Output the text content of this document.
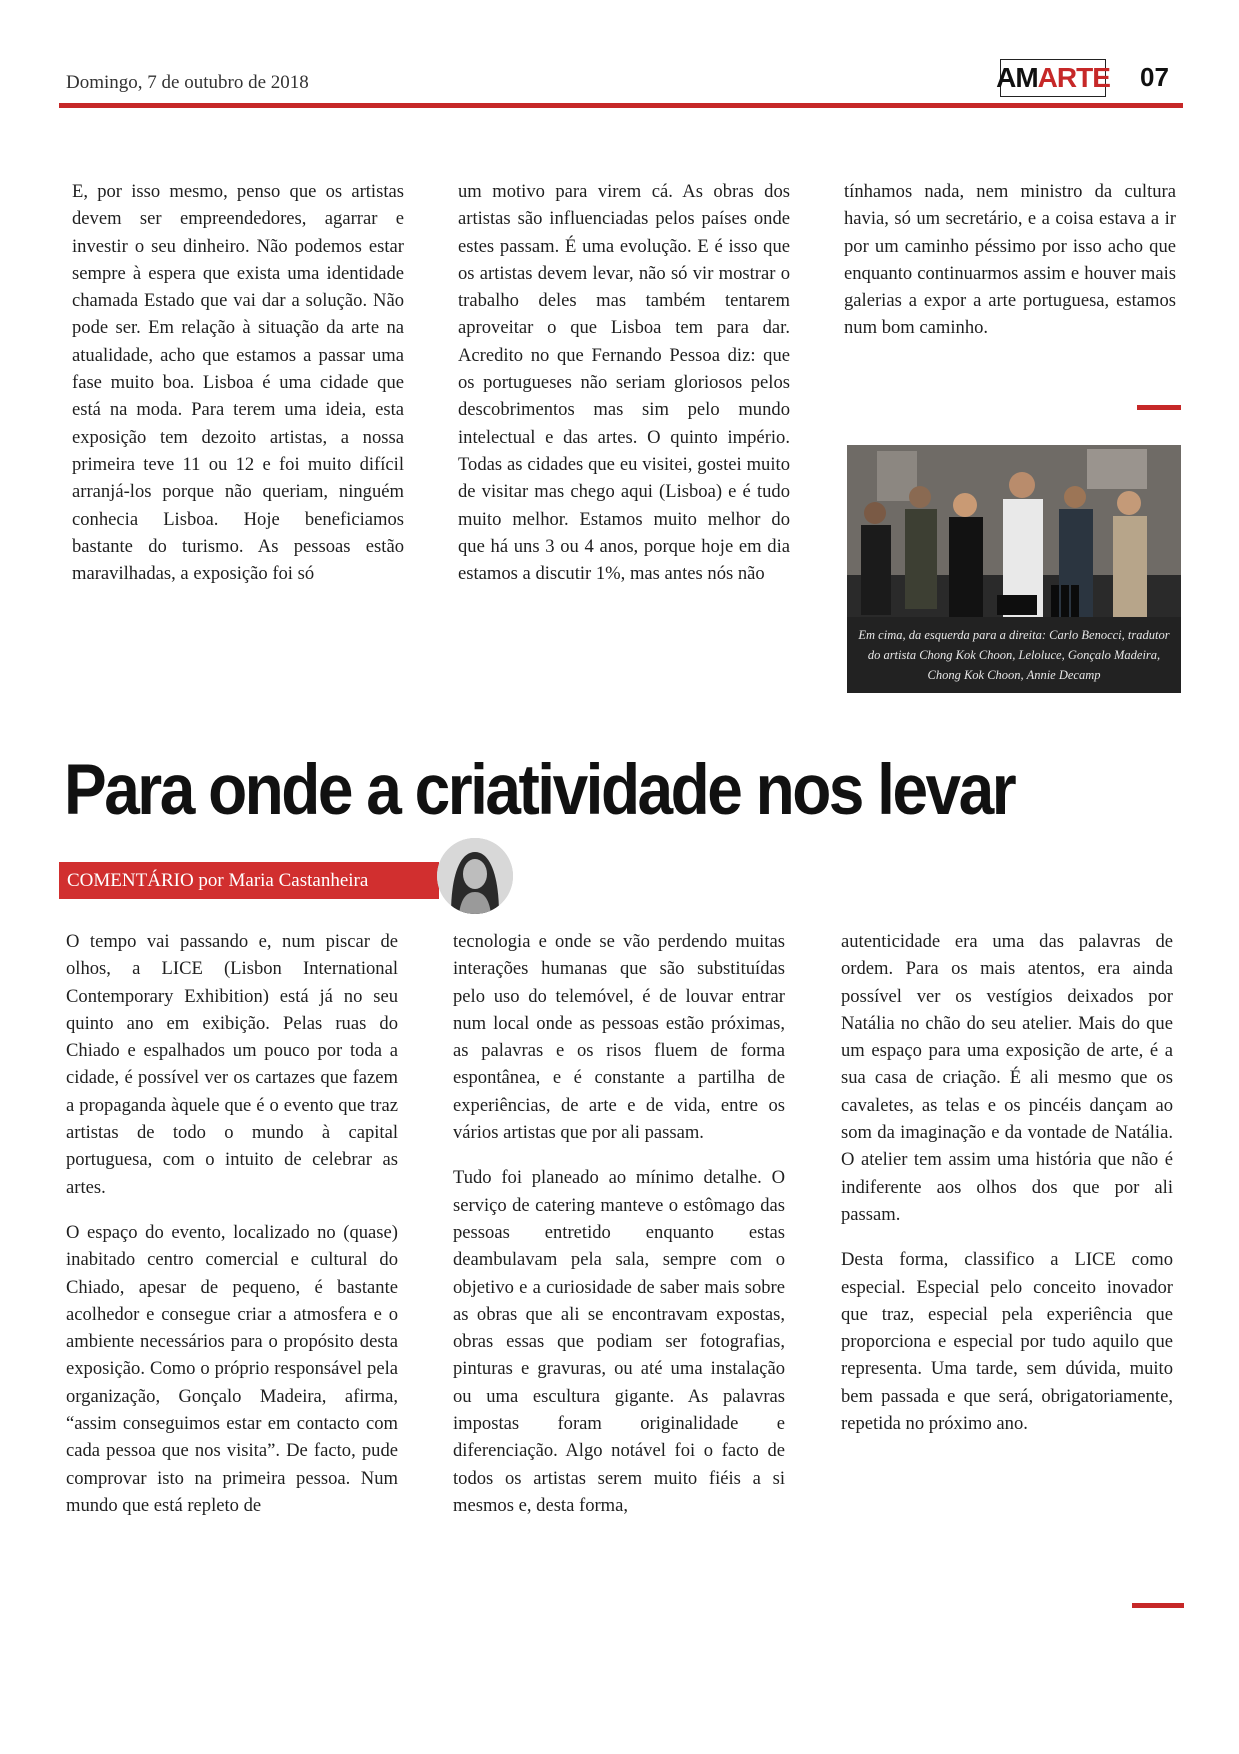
Domingo, 7 de outubro de 2018	AM ARTE 07

E, por isso mesmo, penso que os artistas devem ser empreendedores, agarrar e investir o seu dinheiro. Não podemos estar sempre à espera que exista uma identidade chamada Estado que vai dar a solução. Não pode ser. Em relação à situação da arte na atualidade, acho que estamos a passar uma fase muito boa. Lisboa é uma cidade que está na moda. Para terem uma ideia, esta exposição tem dezoito artistas, a nossa primeira teve 11 ou 12 e foi muito difícil arranjá-los porque não queriam, ninguém conhecia Lisboa. Hoje beneficiamos bastante do turismo. As pessoas estão maravilhadas, a exposição foi só

um motivo para virem cá. As obras dos artistas são influenciadas pelos países onde estes passam. É uma evolução. E é isso que os artistas devem levar, não só vir mostrar o trabalho deles mas também tentarem aproveitar o que Lisboa tem para dar. Acredito no que Fernando Pessoa diz: que os portugueses não seriam gloriosos pelos descobrimentos mas sim pelo mundo intelectual e das artes. O quinto império. Todas as cidades que eu visitei, gostei muito de visitar mas chego aqui (Lisboa) e é tudo muito melhor. Estamos muito melhor do que há uns 3 ou 4 anos, porque hoje em dia estamos a discutir 1%, mas antes nós não

tínhamos nada, nem ministro da cultura havia, só um secretário, e a coisa estava a ir por um caminho péssimo por isso acho que enquanto continuarmos assim e houver mais galerias a expor a arte portuguesa, estamos num bom caminho.

Em cima, da esquerda para a direita: Carlo Benocci, tradutor do artista Chong Kok Choon, Leloluce, Gonçalo Madeira, Chong Kok Choon, Annie Decamp
Para onde a criatividade nos levar
COMENTÁRIO por Maria Castanheira

O tempo vai passando e, num piscar de olhos, a LICE (Lisbon International Contemporary Exhibition) está já no seu quinto ano em exibição. Pelas ruas do Chiado e espalhados um pouco por toda a cidade, é possível ver os cartazes que fazem a propaganda àquele que é o evento que traz artistas de todo o mundo à capital portuguesa, com o intuito de celebrar as artes.

O espaço do evento, localizado no (quase) inabitado centro comercial e cultural do Chiado, apesar de pequeno, é bastante acolhedor e consegue criar a atmosfera e o ambiente necessários para o propósito desta exposição. Como o próprio responsável pela organização, Gonçalo Madeira, afirma, “assim conseguimos estar em contacto com cada pessoa que nos visita”. De facto, pude comprovar isto na primeira pessoa. Num mundo que está repleto de

tecnologia e onde se vão perdendo muitas interações humanas que são substituídas pelo uso do telemóvel, é de louvar entrar num local onde as pessoas estão próximas, as palavras e os risos fluem de forma espontânea, e é constante a partilha de experiências, de arte e de vida, entre os vários artistas que por ali passam.

Tudo foi planeado ao mínimo detalhe. O serviço de catering manteve o estômago das pessoas entretido enquanto estas deambulavam pela sala, sempre com o objetivo e a curiosidade de saber mais sobre as obras que ali se encontravam expostas, obras essas que podiam ser fotografias, pinturas e gravuras, ou até uma instalação ou uma escultura gigante. As palavras impostas foram originalidade e diferenciação. Algo notável foi o facto de todos os artistas serem muito fiéis a si mesmos e, desta forma,

autenticidade era uma das palavras de ordem. Para os mais atentos, era ainda possível ver os vestígios deixados por Natália no chão do seu atelier. Mais do que um espaço para uma exposição de arte, é a sua casa de criação. É ali mesmo que os cavaletes, as telas e os pincéis dançam ao som da imaginação e da vontade de Natália. O atelier tem assim uma história que não é indiferente aos olhos dos que por ali passam.

Desta forma, classifico a LICE como especial. Especial pelo conceito inovador que traz, especial pela experiência que proporciona e especial por tudo aquilo que representa. Uma tarde, sem dúvida, muito bem passada e que será, obrigatoriamente, repetida no próximo ano.
